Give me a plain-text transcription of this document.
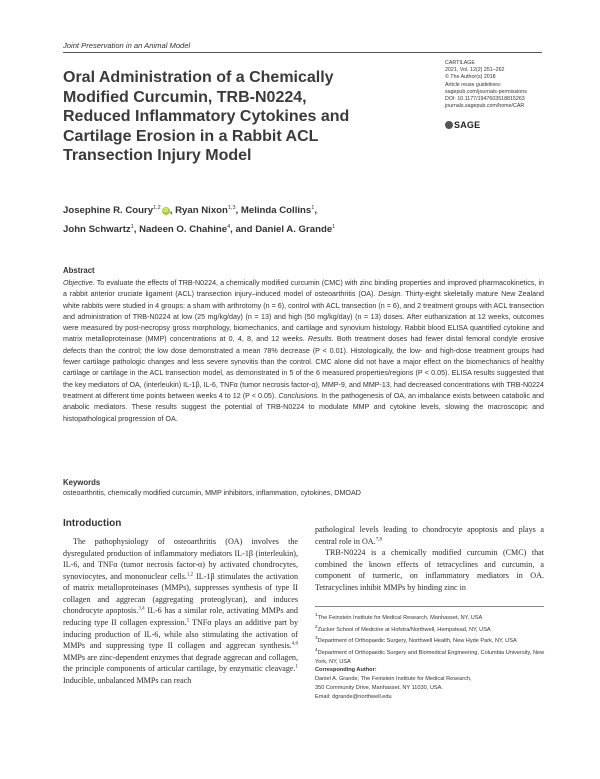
Joint Preservation in an Animal Model
Oral Administration of a Chemically Modified Curcumin, TRB-N0224, Reduced Inflammatory Cytokines and Cartilage Erosion in a Rabbit ACL Transection Injury Model
CARTILAGE
2021, Vol. 12(2) 251–262
© The Author(s) 2018
Article reuse guidelines:
sagepub.com/journals-permissions
DOI: 10.1177/1947603518815263
journals.sagepub.com/home/CAR
SAGE
Josephine R. Coury$^{1,2}$iD , Ryan Nixon$^{1,3}$, Melinda Collins$^1$,
John Schwartz$^1$, Nadeen O. Chahine$^4$, and Daniel A. Grande$^1$
Abstract
Objective. To evaluate the effects of TRB-N0224, a chemically modified curcumin (CMC) with zinc binding properties and improved pharmacokinetics, in a rabbit anterior cruciate ligament (ACL) transection injury–induced model of osteoarthritis (OA). Design. Thirty-eight skeletally mature New Zealand white rabbits were studied in 4 groups: a sham with arthrotomy (n = 6), control with ACL transection (n = 6), and 2 treatment groups with ACL transection and administration of TRB-N0224 at low (25 mg/kg/day) (n = 13) and high (50 mg/kg/day) (n = 13) doses. After euthanization at 12 weeks, outcomes were measured by post-necropsy gross morphology, biomechanics, and cartilage and synovium histology. Rabbit blood ELISA quantified cytokine and matrix metalloproteinase (MMP) concentrations at 0, 4, 8, and 12 weeks. Results. Both treatment doses had fewer distal femoral condyle erosive defects than the control; the low dose demonstrated a mean 78% decrease (P < 0.01). Histologically, the low- and high-dose treatment groups had fewer cartilage pathologic changes and less severe synovitis than the control. CMC alone did not have a major effect on the biomechanics of healthy cartilage or cartilage in the ACL transection model, as demonstrated in 5 of the 6 measured properties/regions (P < 0.05). ELISA results suggested that the key mediators of OA, (interleukin) IL-1β, IL-6, TNFα (tumor necrosis factor-α), MMP-9, and MMP-13, had decreased concentrations with TRB-N0224 treatment at different time points between weeks 4 to 12 (P < 0.05). Conclusions. In the pathogenesis of OA, an imbalance exists between catabolic and anabolic mediators. These results suggest the potential of TRB-N0224 to modulate MMP and cytokine levels, slowing the macroscopic and histopathological progression of OA.
Keywords
osteoarthritis, chemically modified curcumin, MMP inhibitors, inflammation, cytokines, DMOAD
Introduction

The pathophysiology of osteoarthritis (OA) involves the dysregulated production of inflammatory mediators IL-1β (interleukin), IL-6, and TNFα (tumor necrosis factor-α) by activated chondrocytes, synoviocytes, and mononuclear cells.$^{1,2}$ IL-1β stimulates the activation of matrix metalloproteinases (MMPs), suppresses synthesis of type II collagen and aggrecan (aggregating proteoglycan), and induces chondrocyte apoptosis.$^{3,4}$ IL-6 has a similar role, activating MMPs and reducing type II collagen expression.$^5$ TNFα plays an additive part by inducing production of IL-6, while also stimulating the activation of MMPs and suppressing type II collagen and aggrecan synthesis.$^{4,6}$ MMPs are zinc-dependent enzymes that degrade aggrecan and collagen, the principle components of articular cartilage, by enzymatic cleavage.$^1$ Inducible, unbalanced MMPs can reach

pathological levels leading to chondrocyte apoptosis and plays a central role in OA.$^{7,8}$

TRB-N0224 is a chemically modified curcumin (CMC) that combined the known effects of tetracyclines and curcumin, a component of turmeric, on inflammatory mediators in OA. Tetracyclines inhibit MMPs by binding zinc in

$^1$The Feinstein Institute for Medical Research, Manhasset, NY, USA
$^2$Zucker School of Medicine at Hofstra/Northwell, Hempstead, NY, USA
$^3$Department of Orthopaedic Surgery, Northwell Health, New Hyde Park, NY, USA
$^4$Department of Orthopaedic Surgery and Biomedical Engineering, Columbia University, New York, NY, USA
Corresponding Author:
Daniel A. Grande, The Feinstein Institute for Medical Research,
350 Community Drive, Manhasset, NY 11030, USA.
Email: dgrande@northwell.edu
